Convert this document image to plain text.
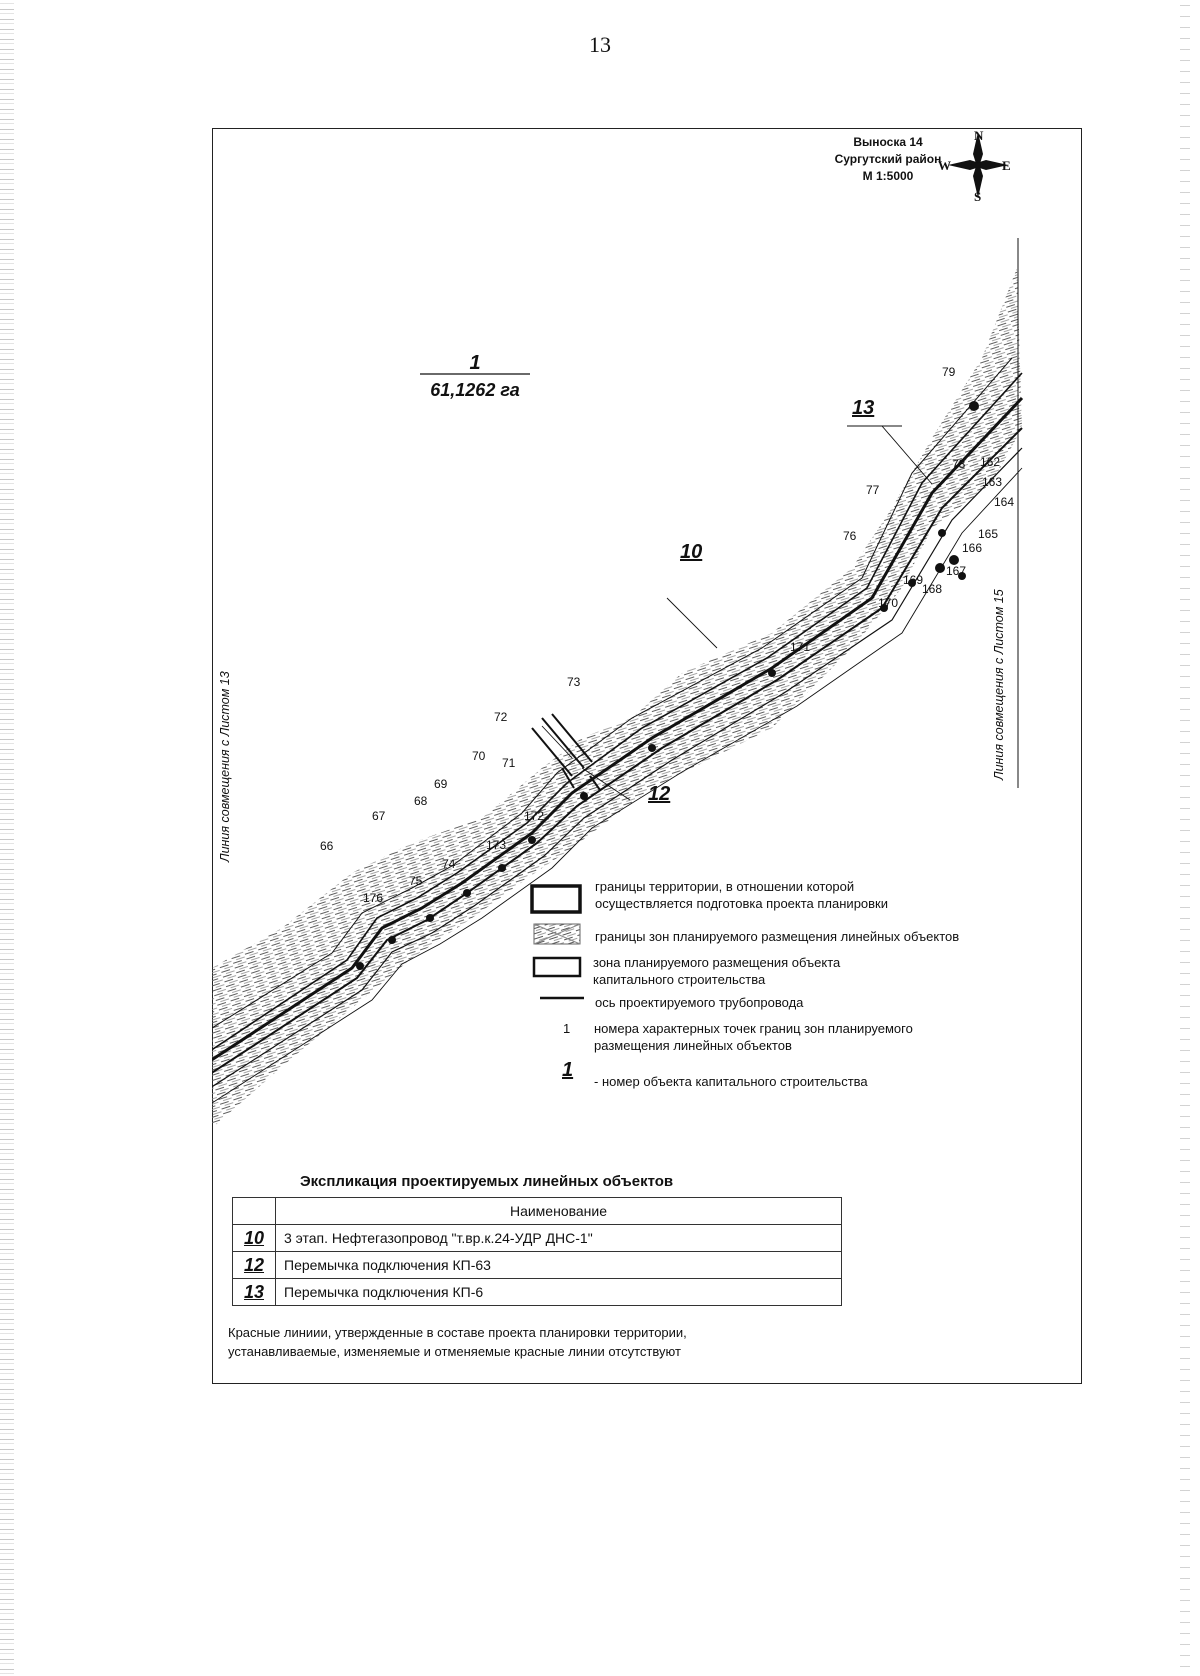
13
Выноска 14
Сургутский район
М 1:5000
N
S
E
W
1
61,1262 га
10
12
13
Линия совмещения с Листом 13	Линия совмещения с Листом 15
66
67
68
69
70 71
72
73
74
75
76
77
78
79
162
163
164
165
166
167
168
169
170
171
172
173
176
границы территории, в отношении которой осуществляется подготовка проекта планировки
границы зон планируемого размещения линейных объектов
зона планируемого размещения объекта капитального строительства
ось проектируемого трубопровода
1 номера характерных точек границ зон планируемого размещения линейных объектов
1
- номер объекта капитального строительства
Экспликация проектируемых линейных объектов
	Наименование
10	3 этап. Нефтегазопровод "т.вр.к.24-УДР ДНС-1"
12	Перемычка подключения КП-63
13	Перемычка подключения КП-6
Красные линиии, утвержденные в составе проекта планировки территории,
устанавливаемые, изменяемые и отменяемые красные линии отсутствуют
